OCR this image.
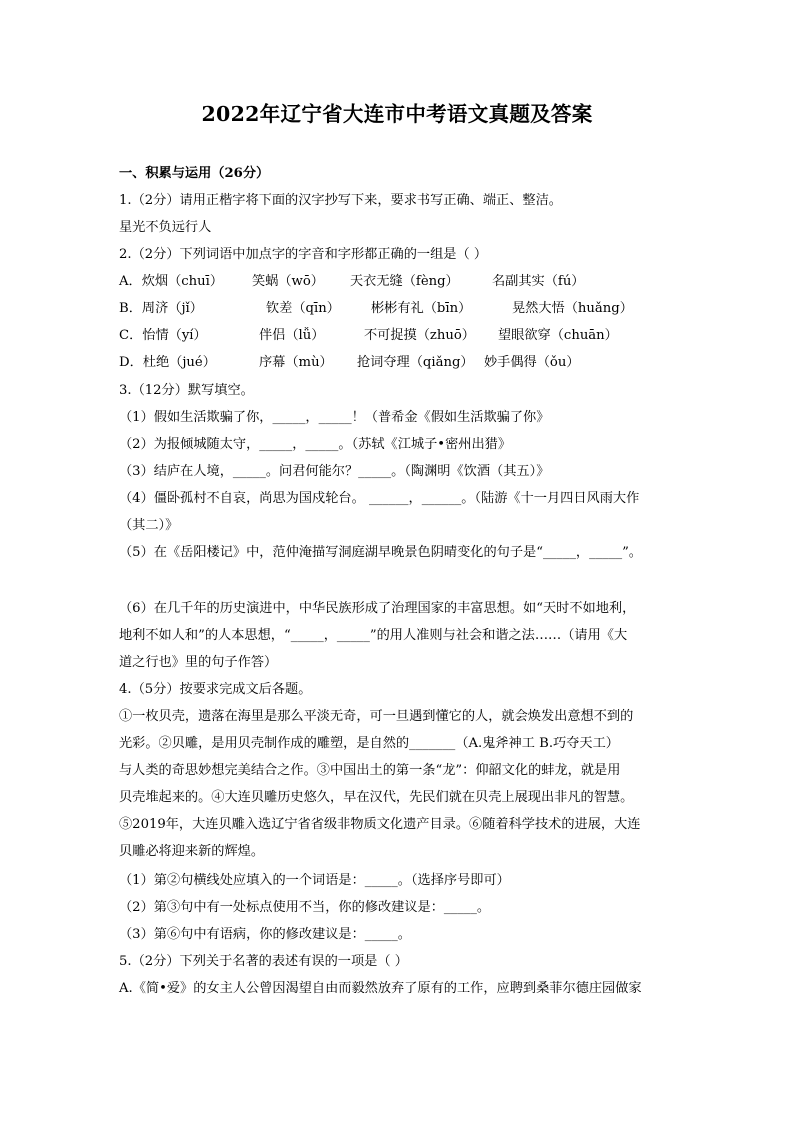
2022年辽宁省大连市中考语文真题及答案
一、积累与运用（26分）
1.（2分）请用正楷字将下面的汉字抄写下来，要求书写正确、端正、整洁。
星光不负远行人
2.（2分）下列词语中加点字的字音和字形都正确的一组是（ ）
A．炊烟（chuī） 笑蜗（wō） 天衣无缝（fèng）	名副其实（fú）
B．周济（jǐ）	钦差（qīn） 彬彬有礼（bīn）	晃然大悟（huǎng）
C．怡情（yí）	伴侣（lǚ）	不可捉摸（zhuō） 望眼欲穿（chuān）
D．杜绝（jué）	序幕（mù） 抢词夺理（qiǎng） 妙手偶得（ǒu）
3.（12分）默写填空。
（1）假如生活欺骗了你，_____，_____！（普希金《假如生活欺骗了你》
（2）为报倾城随太守，_____，_____。（苏轼《江城子•密州出猎》
（3）结庐在人境，_____。问君何能尔？_____。（陶渊明《饮酒（其五）》
（4）僵卧孤村不自哀，尚思为国戍轮台。 ______，______。（陆游《十一月四日风雨大作
（其二）》
（5）在《岳阳楼记》中，范仲淹描写洞庭湖早晚景色阴晴变化的句子是“_____，_____”。
（6）在几千年的历史演进中，中华民族形成了治理国家的丰富思想。如“天时不如地利，
地利不如人和”的人本思想，“_____，_____”的用人准则与社会和谐之法……（请用《大
道之行也》里的句子作答）
4.（5分）按要求完成文后各题。
①一枚贝壳，遗落在海里是那么平淡无奇，可一旦遇到懂它的人，就会焕发出意想不到的
光彩。②贝雕，是用贝壳制作成的雕塑，是自然的_______（A.鬼斧神工 B.巧夺天工）
与人类的奇思妙想完美结合之作。③中国出土的第一条“龙”：仰韶文化的蚌龙，就是用
贝壳堆起来的。④大连贝雕历史悠久，早在汉代，先民们就在贝壳上展现出非凡的智慧。
⑤2019年，大连贝雕入选辽宁省省级非物质文化遗产目录。⑥随着科学技术的进展，大连
贝雕必将迎来新的辉煌。
（1）第②句横线处应填入的一个词语是：_____。（选择序号即可）
（2）第③句中有一处标点使用不当，你的修改建议是：_____。
（3）第⑥句中有语病，你的修改建议是：_____。
5.（2分）下列关于名著的表述有误的一项是（ ）
A.《简•爱》的女主人公曾因渴望自由而毅然放弃了原有的工作，应聘到桑菲尔德庄园做家
